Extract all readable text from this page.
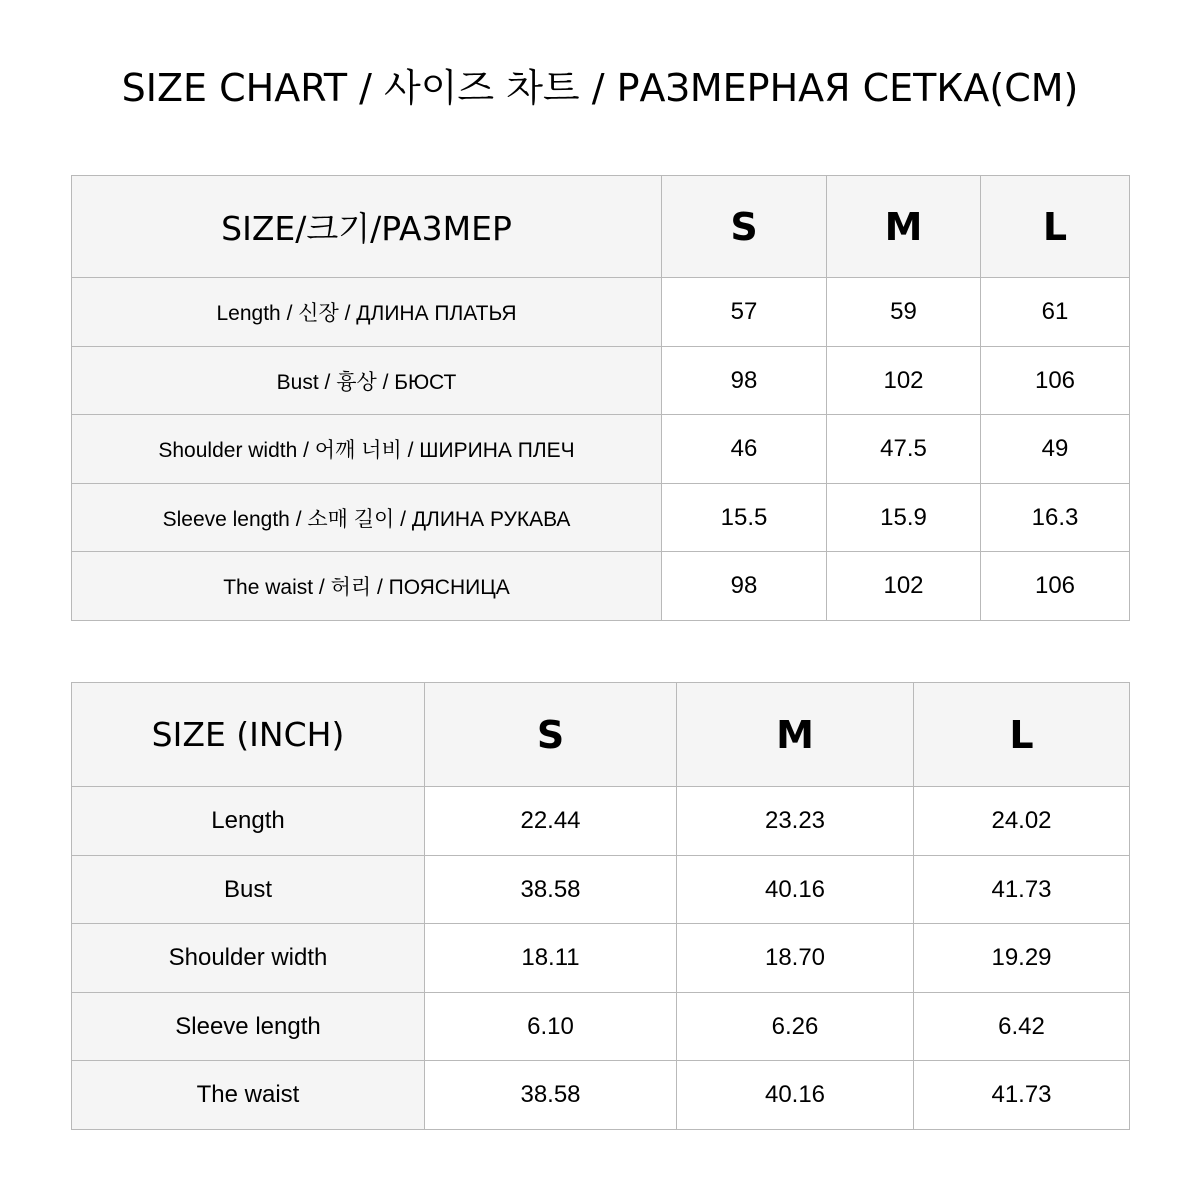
SIZE CHART / 사이즈 차트 / РАЗМЕРНАЯ СЕТКА(CM)
SIZE/크기/PA3MEP	S	M	L
Length / 신장 / ДЛИНА ПЛАТЬЯ	57	59	61
Bust / 흉상 / БЮСТ	98	102	106
Shoulder width / 어깨 너비 / ШИРИНА ПЛЕЧ	46	47.5	49
Sleeve length / 소매 길이 / ДЛИНА РУКАВА	15.5	15.9	16.3
The waist / 허리 / ПОЯСНИЦА	98	102	106
SIZE (INCH)	S	M	L
Length	22.44	23.23	24.02
Bust	38.58	40.16	41.73
Shoulder width	18.11	18.70	19.29
Sleeve length	6.10	6.26	6.42
The waist	38.58	40.16	41.73
